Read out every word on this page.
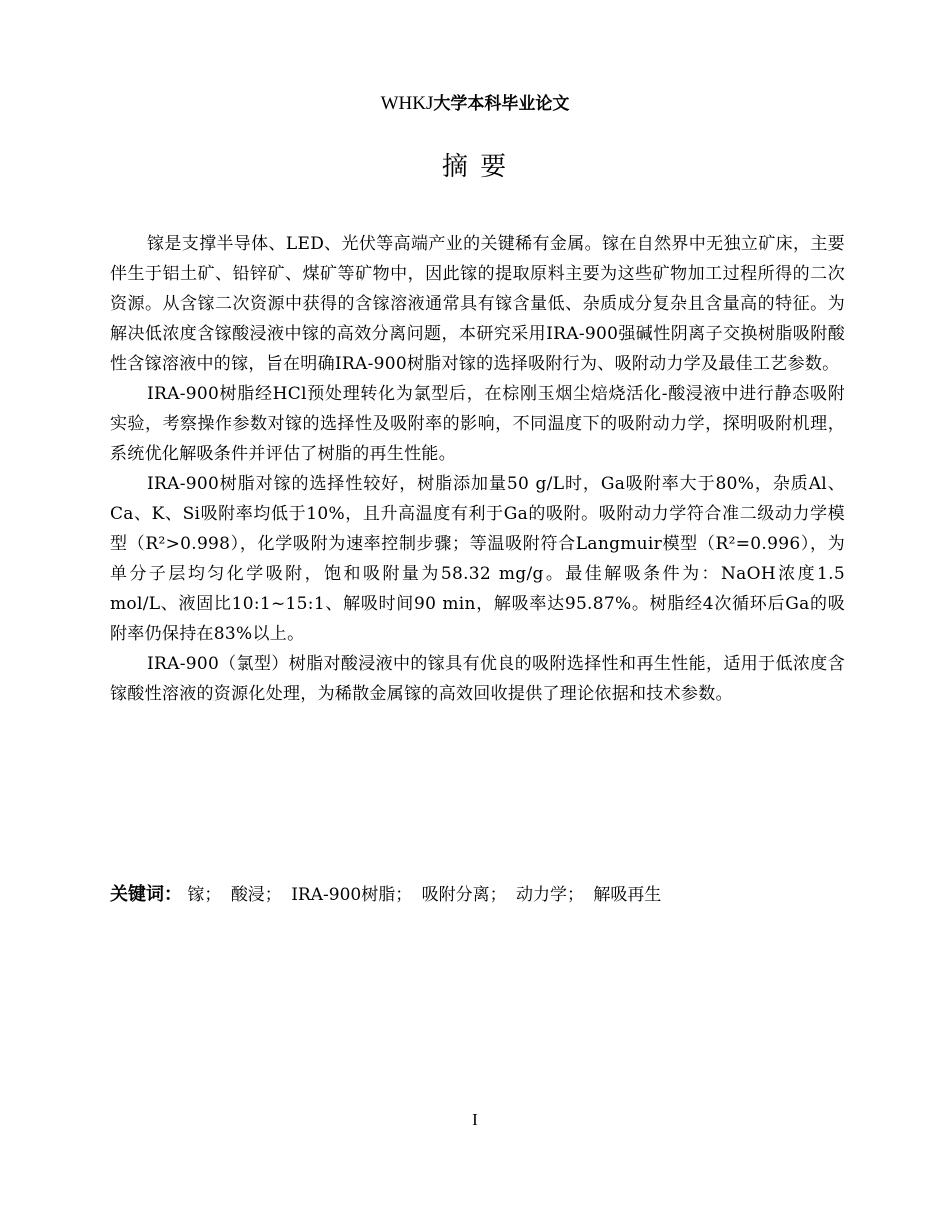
WHKJ大学本科毕业论文
摘 要

镓是支撑半导体、LED、光伏等高端产业的关键稀有金属。镓在自然界中无独立矿床，主要伴生于铝土矿、铅锌矿、煤矿等矿物中，因此镓的提取原料主要为这些矿物加工过程所得的二次资源。从含镓二次资源中获得的含镓溶液通常具有镓含量低、杂质成分复杂且含量高的特征。为解决低浓度含镓酸浸液中镓的高效分离问题，本研究采用IRA-900强碱性阴离子交换树脂吸附酸性含镓溶液中的镓，旨在明确IRA-900树脂对镓的选择吸附行为、吸附动力学及最佳工艺参数。

IRA-900树脂经HCl预处理转化为氯型后，在棕刚玉烟尘焙烧活化-酸浸液中进行静态吸附实验，考察操作参数对镓的选择性及吸附率的影响，不同温度下的吸附动力学，探明吸附机理，系统优化解吸条件并评估了树脂的再生性能。

IRA-900树脂对镓的选择性较好，树脂添加量50 g/L时，Ga吸附率大于80%，杂质Al、Ca、K、Si吸附率均低于10%，且升高温度有利于Ga的吸附。吸附动力学符合准二级动力学模型（R²>0.998），化学吸附为速率控制步骤；等温吸附符合Langmuir模型（R²=0.996），为单分子层均匀化学吸附，饱和吸附量为58.32 mg/g。最佳解吸条件为：NaOH浓度1.5 mol/L、液固比10:1~15:1、解吸时间90 min，解吸率达95.87%。树脂经4次循环后Ga的吸附率仍保持在83%以上。

IRA-900（氯型）树脂对酸浸液中的镓具有优良的吸附选择性和再生性能，适用于低浓度含镓酸性溶液的资源化处理，为稀散金属镓的高效回收提供了理论依据和技术参数。

关键词： 镓； 酸浸； IRA-900树脂； 吸附分离； 动力学； 解吸再生
I
